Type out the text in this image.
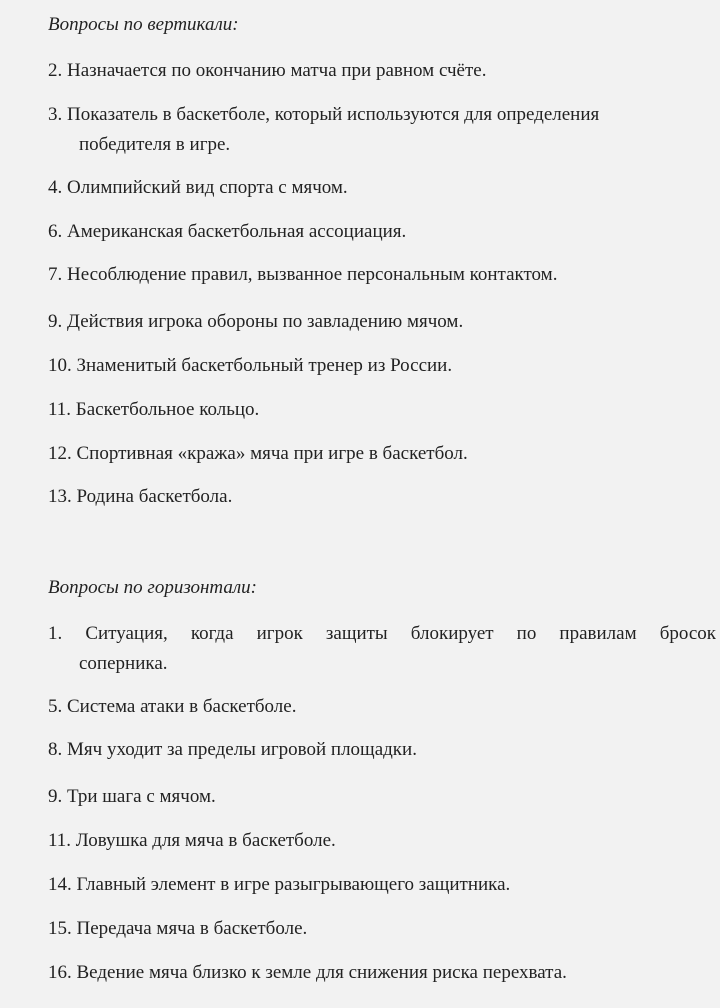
Вопросы по вертикали:
2. Назначается по окончанию матча при равном счёте.
3. Показатель в баскетболе, который используются для определения
победителя в игре.
4. Олимпийский вид спорта с мячом.
6. Американская баскетбольная ассоциация.
7. Несоблюдение правил, вызванное персональным контактом.
9. Действия игрока обороны по завладению мячом.
10. Знаменитый баскетбольный тренер из России.
11. Баскетбольное кольцо.
12. Спортивная «кража» мяча при игре в баскетбол.
13. Родина баскетбола.
Вопросы по горизонтали:
1. Ситуация, когда игрок защиты блокирует по правилам бросок
соперника.
5. Система атаки в баскетболе.
8. Мяч уходит за пределы игровой площадки.
9. Три шага с мячом.
11. Ловушка для мяча в баскетболе.
14. Главный элемент в игре разыгрывающего защитника.
15. Передача мяча в баскетболе.
16. Ведение мяча близко к земле для снижения риска перехвата.
